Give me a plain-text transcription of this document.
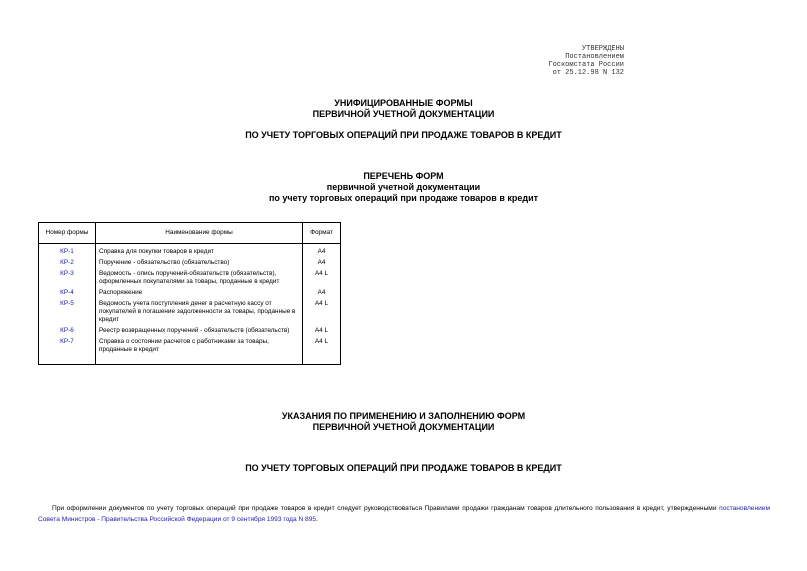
УТВЕРЖДЕНЫ
Постановлением
Госкомстата России
от 25.12.98 N 132
УНИФИЦИРОВАННЫЕ ФОРМЫ
ПЕРВИЧНОЙ УЧЕТНОЙ ДОКУМЕНТАЦИИ
ПО УЧЕТУ ТОРГОВЫХ ОПЕРАЦИЙ ПРИ ПРОДАЖЕ ТОВАРОВ В КРЕДИТ
ПЕРЕЧЕНЬ ФОРМ
первичной учетной документации
по учету торговых операций при продаже товаров в кредит
Номер формы	Наименование формы	Формат

КР-1	Справка для покупки товаров в кредит	А4
КР-2	Поручение - обязательство (обязательство)	А4
КР-3	Ведомость - опись поручений-обязательств (обязательств), оформленных покупателями за товары, проданные в кредит	А4 L
КР-4	Распоряжение	А4
КР-5	Ведомость учета поступления денег в расчетную кассу от покупателей в погашение задолженности за товары, проданные в кредит	А4 L
КР-6	Реестр возвращенных поручений - обязательств (обязательств)	А4 L
КР-7	Справка о состоянии расчетов с работниками за товары, проданные в кредит	А4 L

УКАЗАНИЯ ПО ПРИМЕНЕНИЮ И ЗАПОЛНЕНИЮ ФОРМ
ПЕРВИЧНОЙ УЧЕТНОЙ ДОКУМЕНТАЦИИ
ПО УЧЕТУ ТОРГОВЫХ ОПЕРАЦИЙ ПРИ ПРОДАЖЕ ТОВАРОВ В КРЕДИТ
При оформлении документов по учету торговых операций при продаже товаров в кредит следует руководствоваться Правилами продажи гражданам товаров длительного пользования в кредит, утвержденными постановлением Совета Министров - Правительства Российской Федерации от 9 сентября 1993 года N 895.
